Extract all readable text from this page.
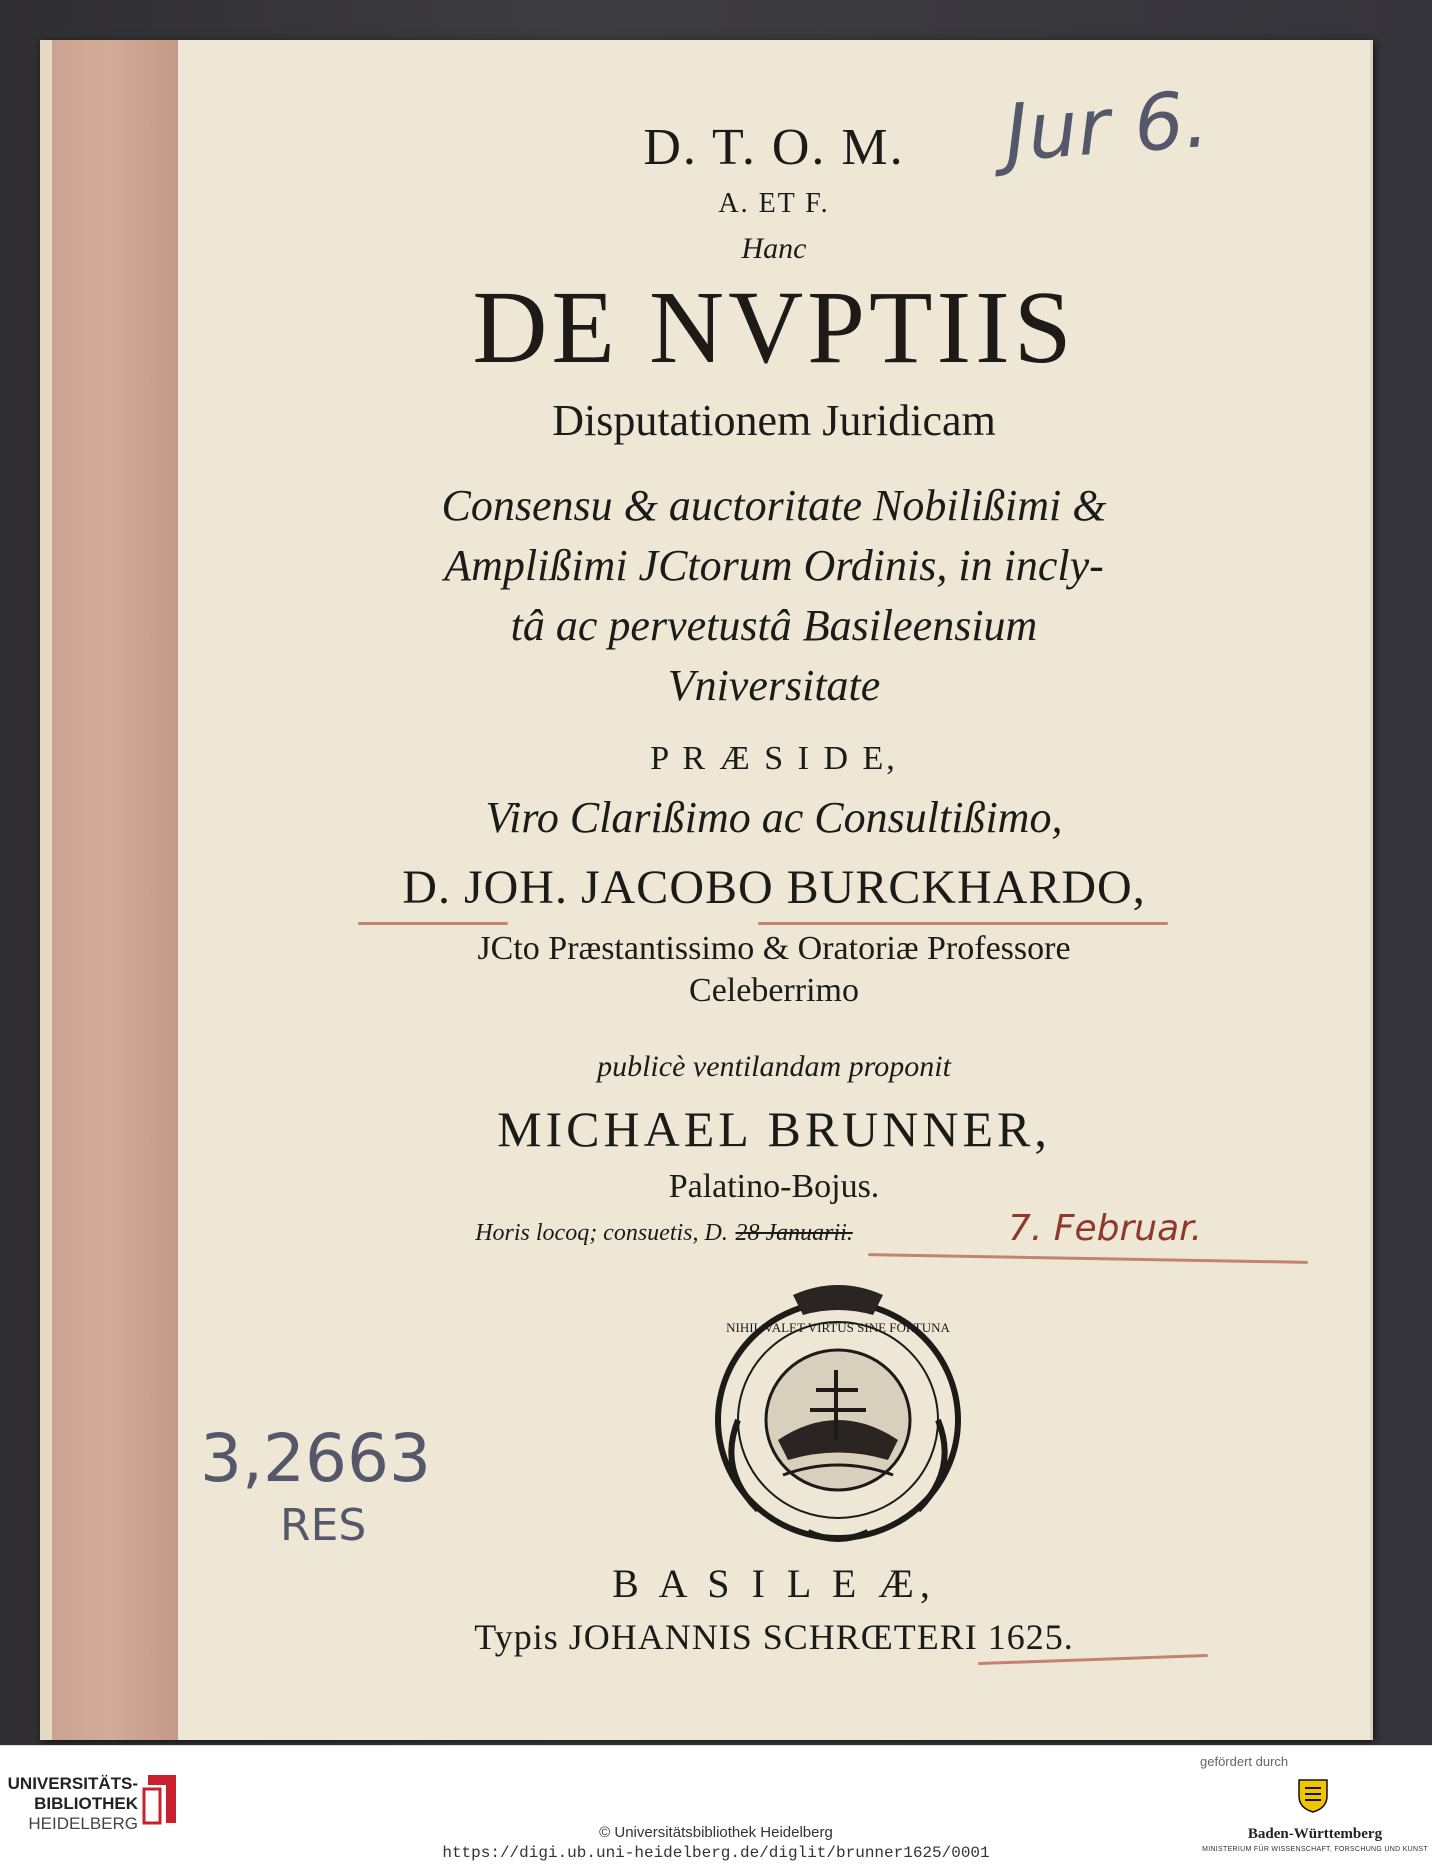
D. T. O. M.
A. ET F.
Hanc
DE NVPTIIS
Disputationem Juridicam
Consensu & auctoritate Nobilißimi &
Amplißimi JCtorum Ordinis, in incly-
tâ ac pervetustâ Basileensium
Vniversitate
P R Æ S I D E,
Viro Clarißimo ac Consultißimo,
D. JOH. JACOBO BURCKHARDO,
JCto Præstantissimo & Oratoriæ Professore
Celeberrimo
publicè ventilandam proponit
MICHAEL BRUNNER,
Palatino-Bojus.
Horis locoq; consuetis, D. 28 Januarii.	7. Februar.
NIHIL VALET VIRTUS SINE FORTUNA
B A S I L E Æ,
Typis JOHANNIS SCHRŒTERI 1625.
Jur 6.
3,2663
RES
UNIVERSITÄTS-
BIBLIOTHEK
HEIDELBERG	© Universitätsbibliothek Heidelberg
https://digi.ub.uni-heidelberg.de/diglit/brunner1625/0001
gefördert durch
Baden-Württemberg
MINISTERIUM FÜR WISSENSCHAFT, FORSCHUNG UND KUNST
